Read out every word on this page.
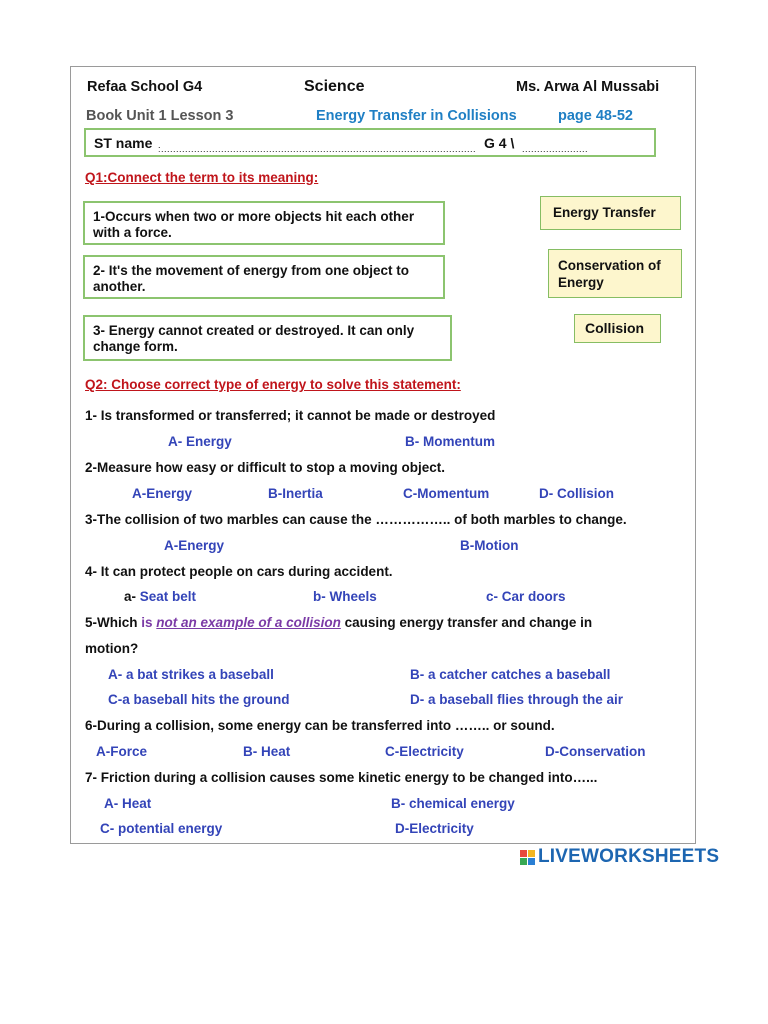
Refaa School G4	Science	Ms. Arwa Al Mussabi
Book Unit 1 Lesson 3	Energy Transfer in Collisions	page 48-52
ST name :......................................................................................................... G 4 \ ......................
Q1:Connect the term to its meaning:
1-Occurs when two or more objects hit each other with a force.
2- It's the movement of energy from one object to another.
3- Energy cannot created or destroyed. It can only change form.
Energy Transfer
Conservation of Energy
Collision
Q2: Choose correct type of energy to solve this statement:
1- Is transformed or transferred; it cannot be made or destroyed
A- Energy	B- Momentum
2-Measure how easy or difficult to stop a moving object.
A-Energy	B-Inertia	C-Momentum	D- Collision
3-The collision of two marbles can cause the …………….. of both marbles to change.
A-Energy	B-Motion
4- It can protect people on cars during accident.
a- Seat belt	b- Wheels	c- Car doors
5-Which is not an example of a collision causing energy transfer and change in
motion?
A- a bat strikes a baseball	B- a catcher catches a baseball
C-a baseball hits the ground	D- a baseball flies through the air
6-During a collision, some energy can be transferred into …….. or sound.
A-Force	B- Heat	C-Electricity	D-Conservation
7- Friction during a collision causes some kinetic energy to be changed into…...
A- Heat	B- chemical energy
C- potential energy	D-Electricity
LIVEWORKSHEETS
